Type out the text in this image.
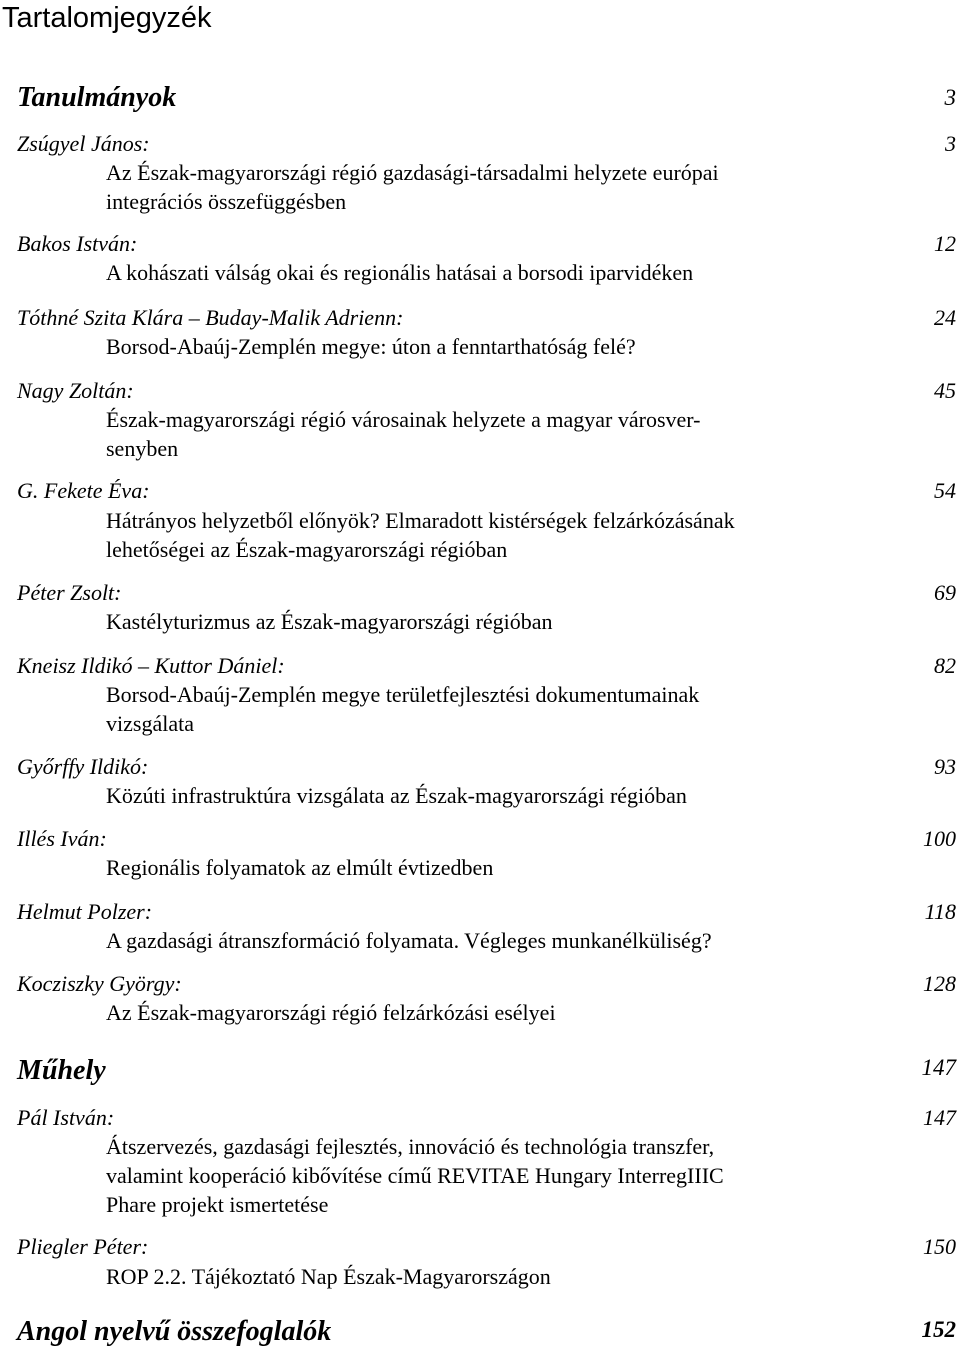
Tartalomjegyzék
Tanulmányok	3
Zsúgyel János:	3
Az Észak-magyarországi régió gazdasági-társadalmi helyzete európai
integrációs összefüggésben
Bakos István:	12
A kohászati válság okai és regionális hatásai a borsodi iparvidéken
Tóthné Szita Klára – Buday-Malik Adrienn:	24
Borsod-Abaúj-Zemplén megye: úton a fenntarthatóság felé?
Nagy Zoltán:	45
Észak-magyarországi régió városainak helyzete a magyar városver-
senyben
G. Fekete Éva:	54
Hátrányos helyzetből előnyök? Elmaradott kistérségek felzárkózásának
lehetőségei az Észak-magyarországi régióban
Péter Zsolt:	69
Kastélyturizmus az Észak-magyarországi régióban
Kneisz Ildikó – Kuttor Dániel:	82
Borsod-Abaúj-Zemplén megye területfejlesztési dokumentumainak
vizsgálata
Győrffy Ildikó:	93
Közúti infrastruktúra vizsgálata az Észak-magyarországi régióban
Illés Iván:	100
Regionális folyamatok az elmúlt évtizedben
Helmut Polzer:	118
A gazdasági átranszformáció folyamata. Végleges munkanélküliség?
Kocziszky György:	128
Az Észak-magyarországi régió felzárkózási esélyei
Műhely	147
Pál István:	147
Átszervezés, gazdasági fejlesztés, innováció és technológia transzfer,
valamint kooperáció kibővítése című REVITAE Hungary InterregIIIC
Phare projekt ismertetése
Pliegler Péter:	150
ROP 2.2. Tájékoztató Nap Észak-Magyarországon
Angol nyelvű összefoglalók	152
